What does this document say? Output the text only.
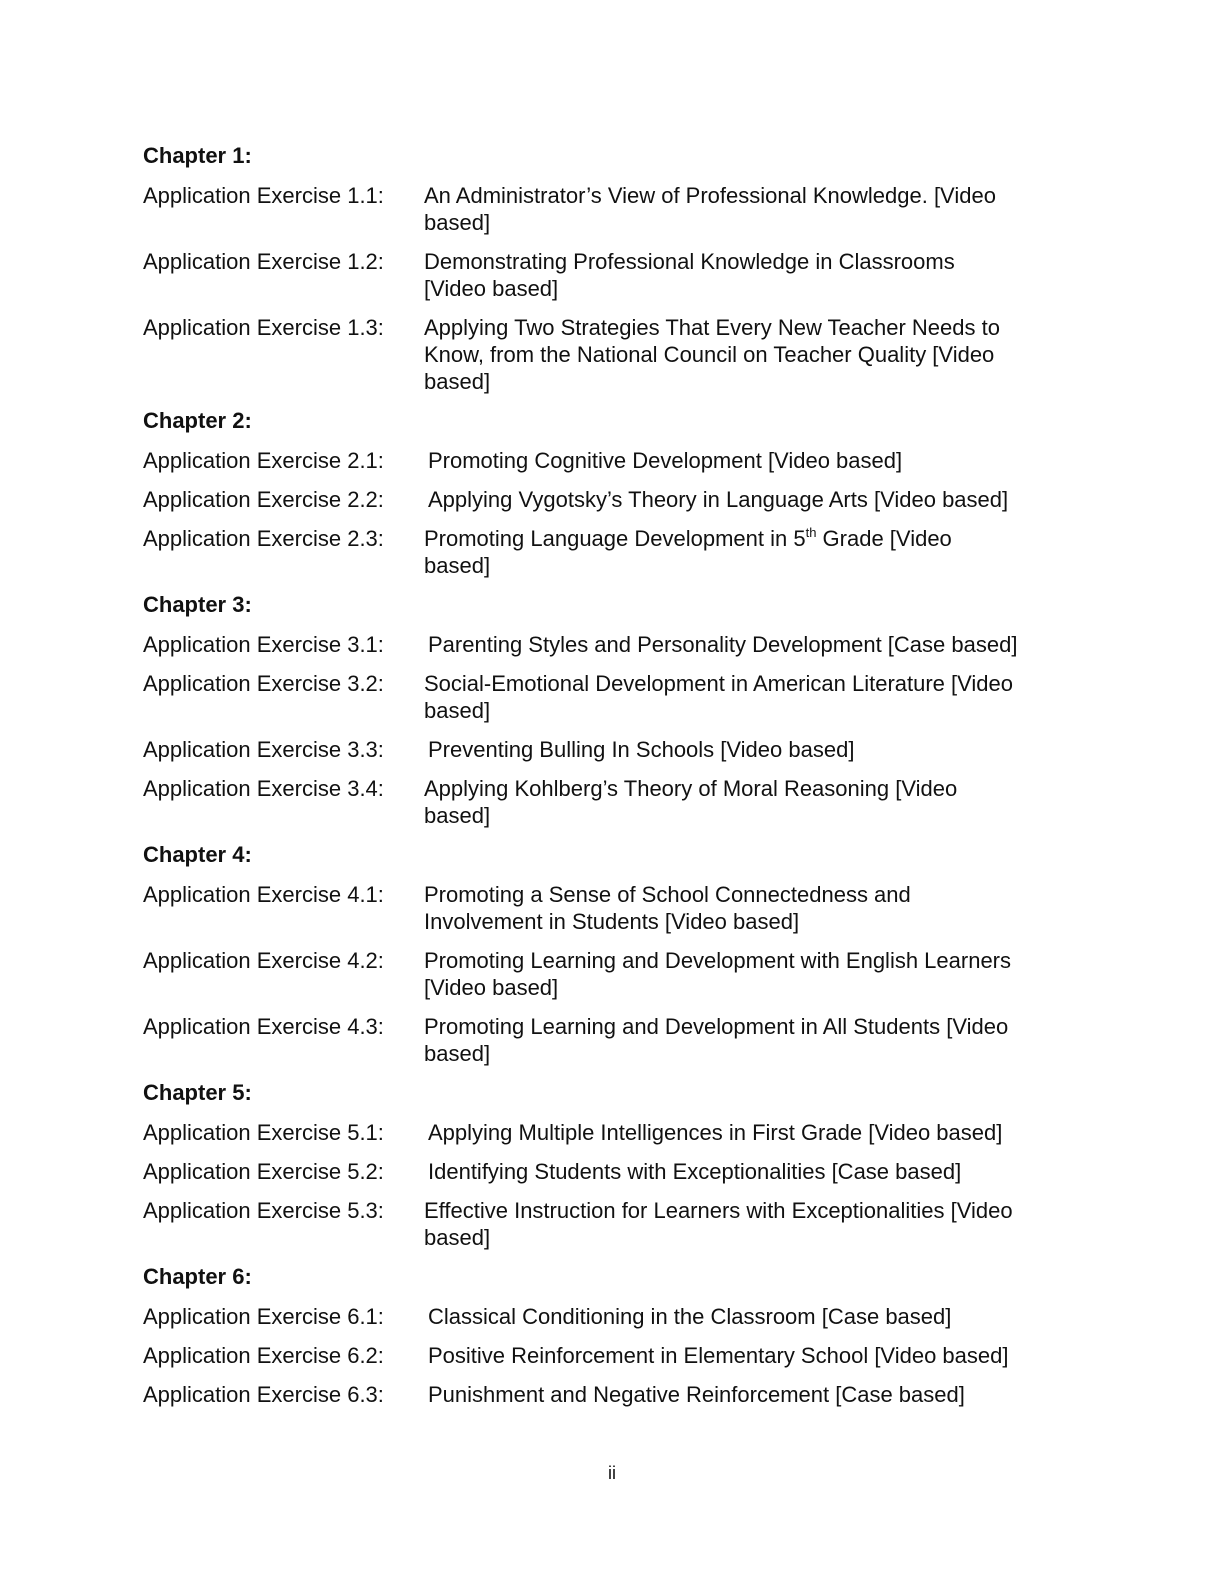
Chapter 1:
Application Exercise 1.1:	An Administrator’s View of Professional Knowledge. [Video
based]
Application Exercise 1.2:	Demonstrating Professional Knowledge in Classrooms
[Video based]
Application Exercise 1.3:	Applying Two Strategies That Every New Teacher Needs to
Know, from the National Council on Teacher Quality [Video
based]
Chapter 2:
Application Exercise 2.1:	Promoting Cognitive Development [Video based]
Application Exercise 2.2:	Applying Vygotsky’s Theory in Language Arts [Video based]
Application Exercise 2.3:	Promoting Language Development in 5th Grade [Video
based]
Chapter 3:
Application Exercise 3.1:	Parenting Styles and Personality Development [Case based]
Application Exercise 3.2:	Social-Emotional Development in American Literature [Video
based]
Application Exercise 3.3:	Preventing Bulling In Schools [Video based]
Application Exercise 3.4:	Applying Kohlberg’s Theory of Moral Reasoning [Video
based]
Chapter 4:
Application Exercise 4.1:	Promoting a Sense of School Connectedness and
Involvement in Students [Video based]
Application Exercise 4.2:	Promoting Learning and Development with English Learners
[Video based]
Application Exercise 4.3:	Promoting Learning and Development in All Students [Video
based]
Chapter 5:
Application Exercise 5.1:	Applying Multiple Intelligences in First Grade [Video based]
Application Exercise 5.2:	Identifying Students with Exceptionalities [Case based]
Application Exercise 5.3:	Effective Instruction for Learners with Exceptionalities [Video
based]
Chapter 6:
Application Exercise 6.1:	Classical Conditioning in the Classroom [Case based]
Application Exercise 6.2:	Positive Reinforcement in Elementary School [Video based]
Application Exercise 6.3:	Punishment and Negative Reinforcement [Case based]
ii
